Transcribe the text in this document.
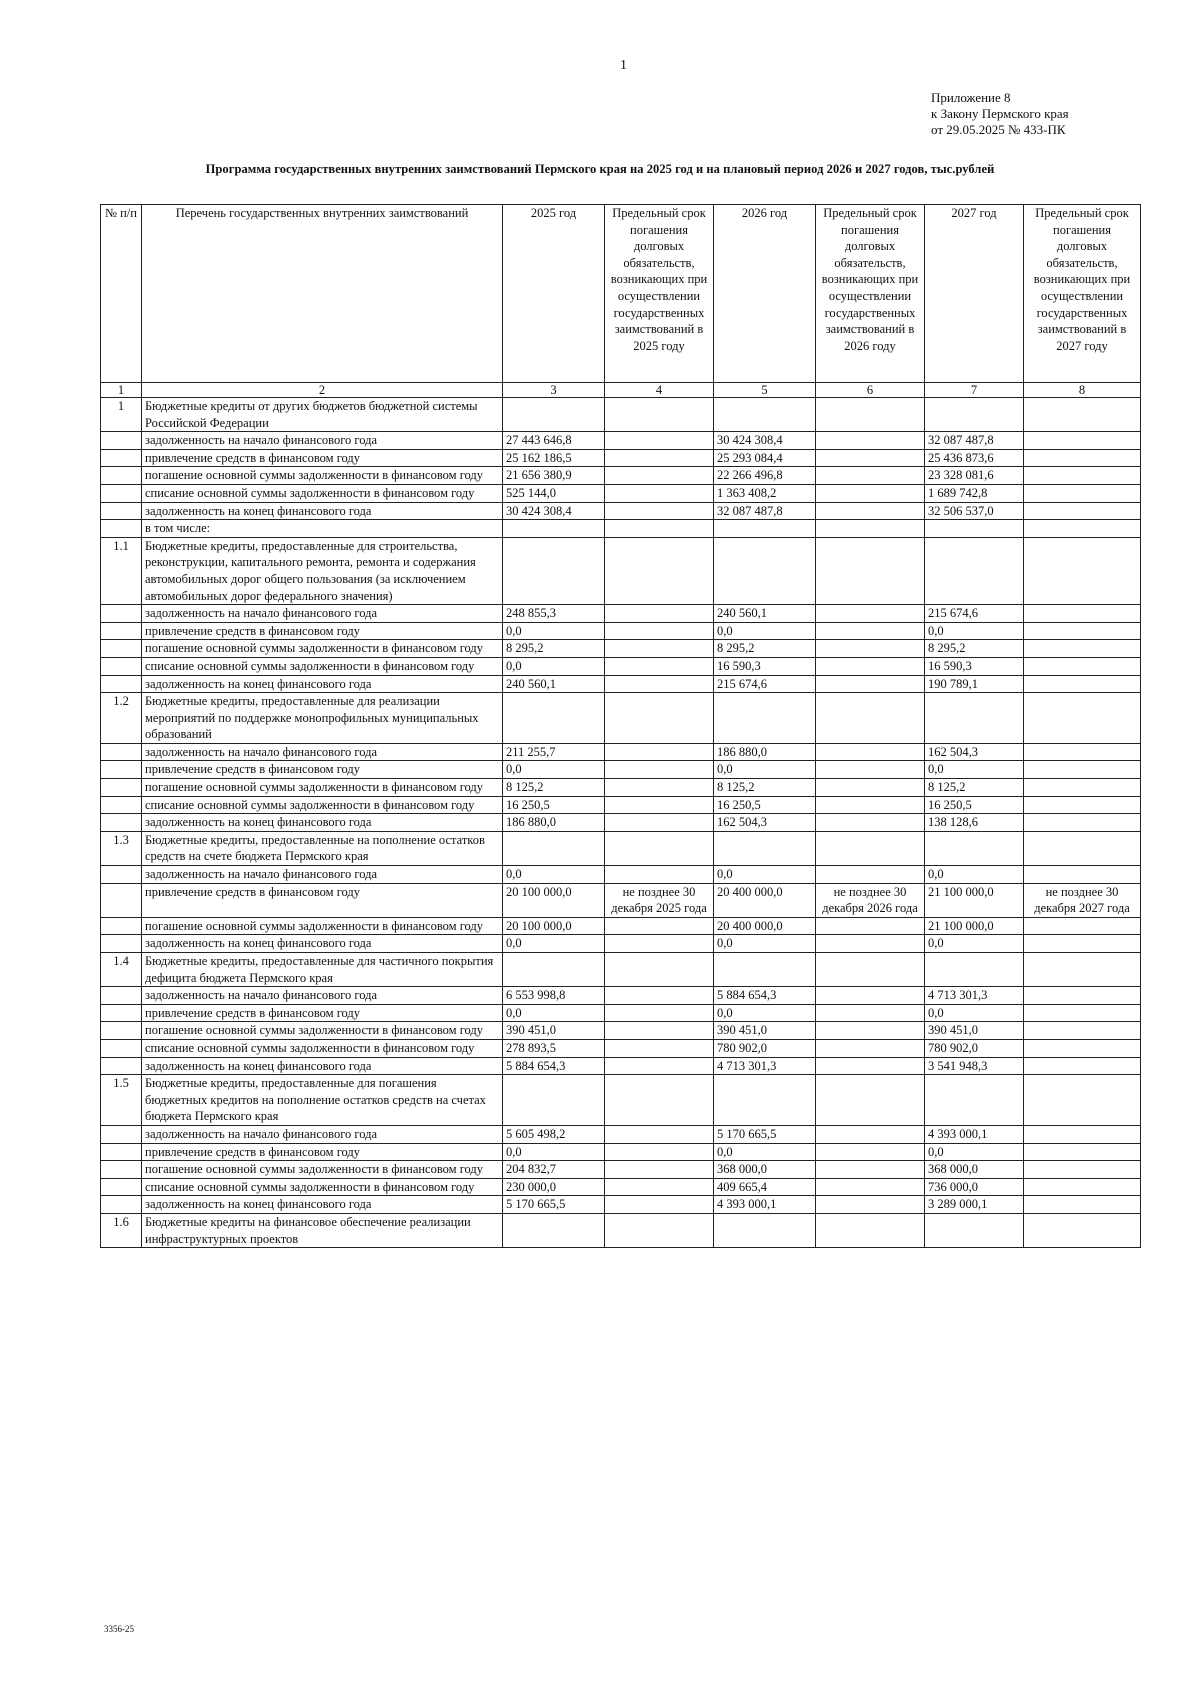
1
Приложение 8
к Закону Пермского края
от 29.05.2025 № 433-ПК
Программа государственных внутренних заимствований Пермского края на 2025 год и на плановый период 2026 и 2027 годов, тыс.рублей
№ п/п	Перечень государственных внутренних заимствований	2025 год	Предельный срок погашения долговых обязательств, возникающих при осуществлении государственных заимствований в 2025 году	2026 год	Предельный срок погашения долговых обязательств, возникающих при осуществлении государственных заимствований в 2026 году	2027 год	Предельный срок погашения долговых обязательств, возникающих при осуществлении государственных заимствований в 2027 году
1	2	3	4	5	6	7	8
1	Бюджетные кредиты от других бюджетов бюджетной системы Российской Федерации						
	задолженность на начало финансового года	27 443 646,8		30 424 308,4		32 087 487,8	
	привлечение средств в финансовом году	25 162 186,5		25 293 084,4		25 436 873,6	
	погашение основной суммы задолженности в финансовом году	21 656 380,9		22 266 496,8		23 328 081,6	
	списание основной суммы задолженности в финансовом году	525 144,0		1 363 408,2		1 689 742,8	
	задолженность на конец финансового года	30 424 308,4		32 087 487,8		32 506 537,0	
	в том числе:						
1.1	Бюджетные кредиты, предоставленные для строительства, реконструкции, капитального ремонта, ремонта и содержания автомобильных дорог общего пользования (за исключением автомобильных дорог федерального значения)						
	задолженность на начало финансового года	248 855,3		240 560,1		215 674,6	
	привлечение средств в финансовом году	0,0		0,0		0,0	
	погашение основной суммы задолженности в финансовом году	8 295,2		8 295,2		8 295,2	
	списание основной суммы задолженности в финансовом году	0,0		16 590,3		16 590,3	
	задолженность на конец финансового года	240 560,1		215 674,6		190 789,1	
1.2	Бюджетные кредиты, предоставленные для реализации мероприятий по поддержке монопрофильных муниципальных образований						
	задолженность на начало финансового года	211 255,7		186 880,0		162 504,3	
	привлечение средств в финансовом году	0,0		0,0		0,0	
	погашение основной суммы задолженности в финансовом году	8 125,2		8 125,2		8 125,2	
	списание основной суммы задолженности в финансовом году	16 250,5		16 250,5		16 250,5	
	задолженность на конец финансового года	186 880,0		162 504,3		138 128,6	
1.3	Бюджетные кредиты, предоставленные на пополнение остатков средств на счете бюджета Пермского края						
	задолженность на начало финансового года	0,0		0,0		0,0	
	привлечение средств в финансовом году	20 100 000,0	не позднее 30 декабря 2025 года	20 400 000,0	не позднее 30 декабря 2026 года	21 100 000,0	не позднее 30 декабря 2027 года
	погашение основной суммы задолженности в финансовом году	20 100 000,0		20 400 000,0		21 100 000,0	
	задолженность на конец финансового года	0,0		0,0		0,0	
1.4	Бюджетные кредиты, предоставленные для частичного покрытия дефицита бюджета Пермского края						
	задолженность на начало финансового года	6 553 998,8		5 884 654,3		4 713 301,3	
	привлечение средств в финансовом году	0,0		0,0		0,0	
	погашение основной суммы задолженности в финансовом году	390 451,0		390 451,0		390 451,0	
	списание основной суммы задолженности в финансовом году	278 893,5		780 902,0		780 902,0	
	задолженность на конец финансового года	5 884 654,3		4 713 301,3		3 541 948,3	
1.5	Бюджетные кредиты, предоставленные для погашения бюджетных кредитов на пополнение остатков средств на счетах бюджета Пермского края						
	задолженность на начало финансового года	5 605 498,2		5 170 665,5		4 393 000,1	
	привлечение средств в финансовом году	0,0		0,0		0,0	
	погашение основной суммы задолженности в финансовом году	204 832,7		368 000,0		368 000,0	
	списание основной суммы задолженности в финансовом году	230 000,0		409 665,4		736 000,0	
	задолженность на конец финансового года	5 170 665,5		4 393 000,1		3 289 000,1	
1.6	Бюджетные кредиты на финансовое обеспечение реализации инфраструктурных проектов						
3356-25
